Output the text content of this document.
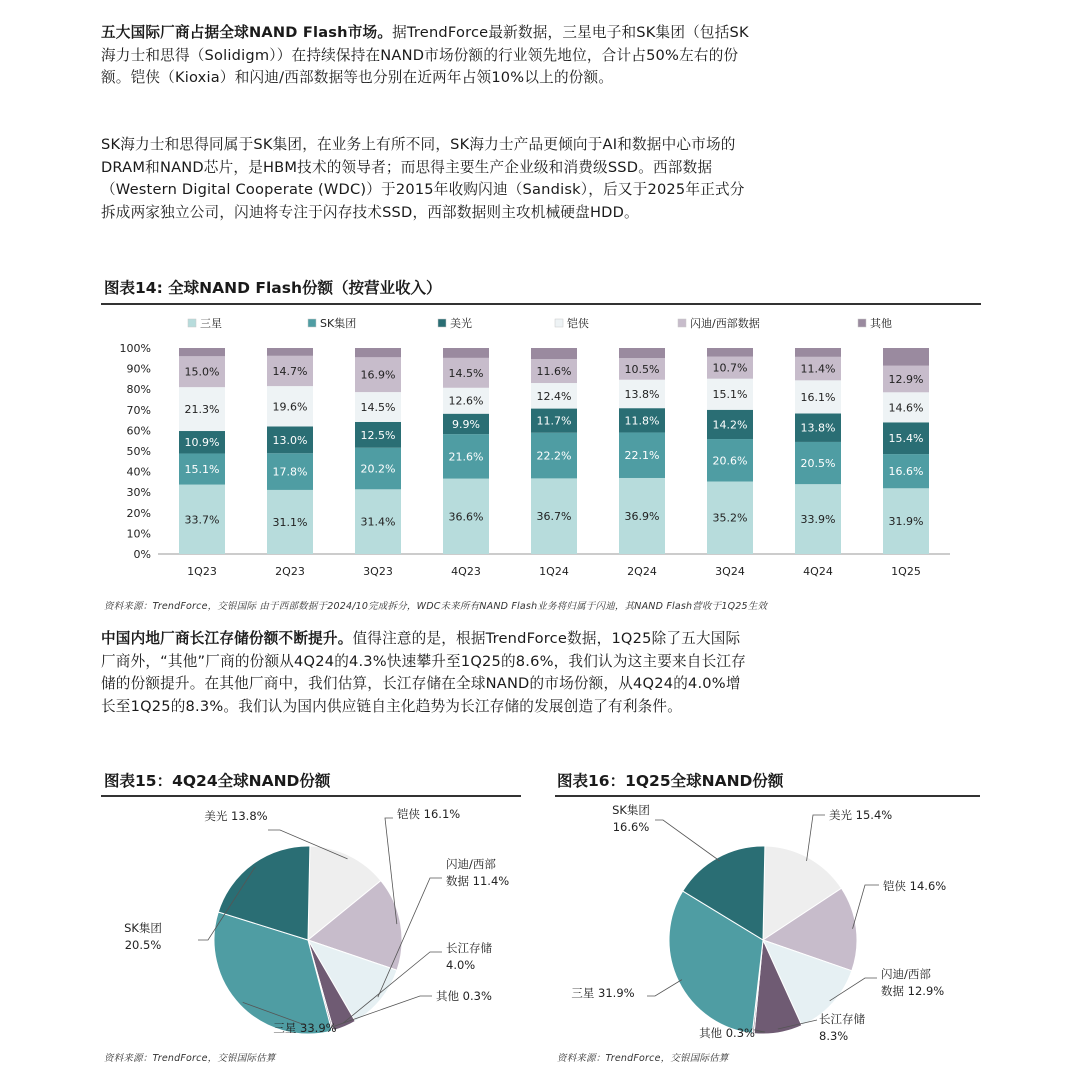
五大国际厂商占据全球NAND Flash市场。据TrendForce最新数据，三星电子和SK集团（包括SK海力士和思得（Solidigm））在持续保持在NAND市场份额的行业领先地位，合计占50%左右的份额。铠侠（Kioxia）和闪迪/西部数据等也分别在近两年占领10%以上的份额。
SK海力士和思得同属于SK集团，在业务上有所不同，SK海力士产品更倾向于AI和数据中心市场的DRAM和NAND芯片，是HBM技术的领导者；而思得主要生产企业级和消费级SSD。西部数据（Western Digital Cooperate (WDC)）于2015年收购闪迪（Sandisk），后又于2025年正式分拆成两家独立公司，闪迪将专注于闪存技术SSD，西部数据则主攻机械硬盘HDD。
图表14: 全球NAND Flash份额（按营业收入）
三星	SK集团	美光	铠侠	闪迪/西部数据	其他
0%
10%
20%
30%
40%
50%
60%
70%
80%
90%
100%
33.7%
15.1%
10.9%
21.3%
15.0%
1Q23
31.1%
17.8%
13.0%
19.6%
14.7%
2Q23
31.4%
20.2%
12.5%
14.5%
16.9%
3Q23
36.6%
21.6%
9.9%
12.6%
14.5%
4Q23
36.7%
22.2%
11.7%
12.4%
11.6%
1Q24
36.9%
22.1%
11.8%
13.8%
10.5%
2Q24
35.2%
20.6%
14.2%
15.1%
10.7%
3Q24
33.9%
20.5%
13.8%
16.1%
11.4%
4Q24
31.9%
16.6%
15.4%
14.6%
12.9%
1Q25
资料来源：TrendForce，交银国际 由于西部数据于2024/10完成拆分，WDC未来所有NAND Flash业务将归属于闪迪，其NAND Flash营收于1Q25生效
中国内地厂商长江存储份额不断提升。值得注意的是，根据TrendForce数据，1Q25除了五大国际厂商外，“其他”厂商的份额从4Q24的4.3%快速攀升至1Q25的8.6%，我们认为这主要来自长江存储的份额提升。在其他厂商中，我们估算，长江存储在全球NAND的市场份额，从4Q24的4.0%增长至1Q25的8.3%。我们认为国内供应链自主化趋势为长江存储的发展创造了有利条件。
图表15：4Q24全球NAND份额
美光 13.8%	铠侠 16.1%
闪迪/西部
数据 11.4%
长江存储
4.0%
其他 0.3%
三星 33.9%
SK集团
20.5%
资料来源：TrendForce，交银国际估算
图表16：1Q25全球NAND份额
美光 15.4%
铠侠 14.6%
闪迪/西部
数据 12.9%
长江存储
8.3%
其他 0.3%
三星 31.9%
SK集团
16.6%
资料来源：TrendForce，交银国际估算
